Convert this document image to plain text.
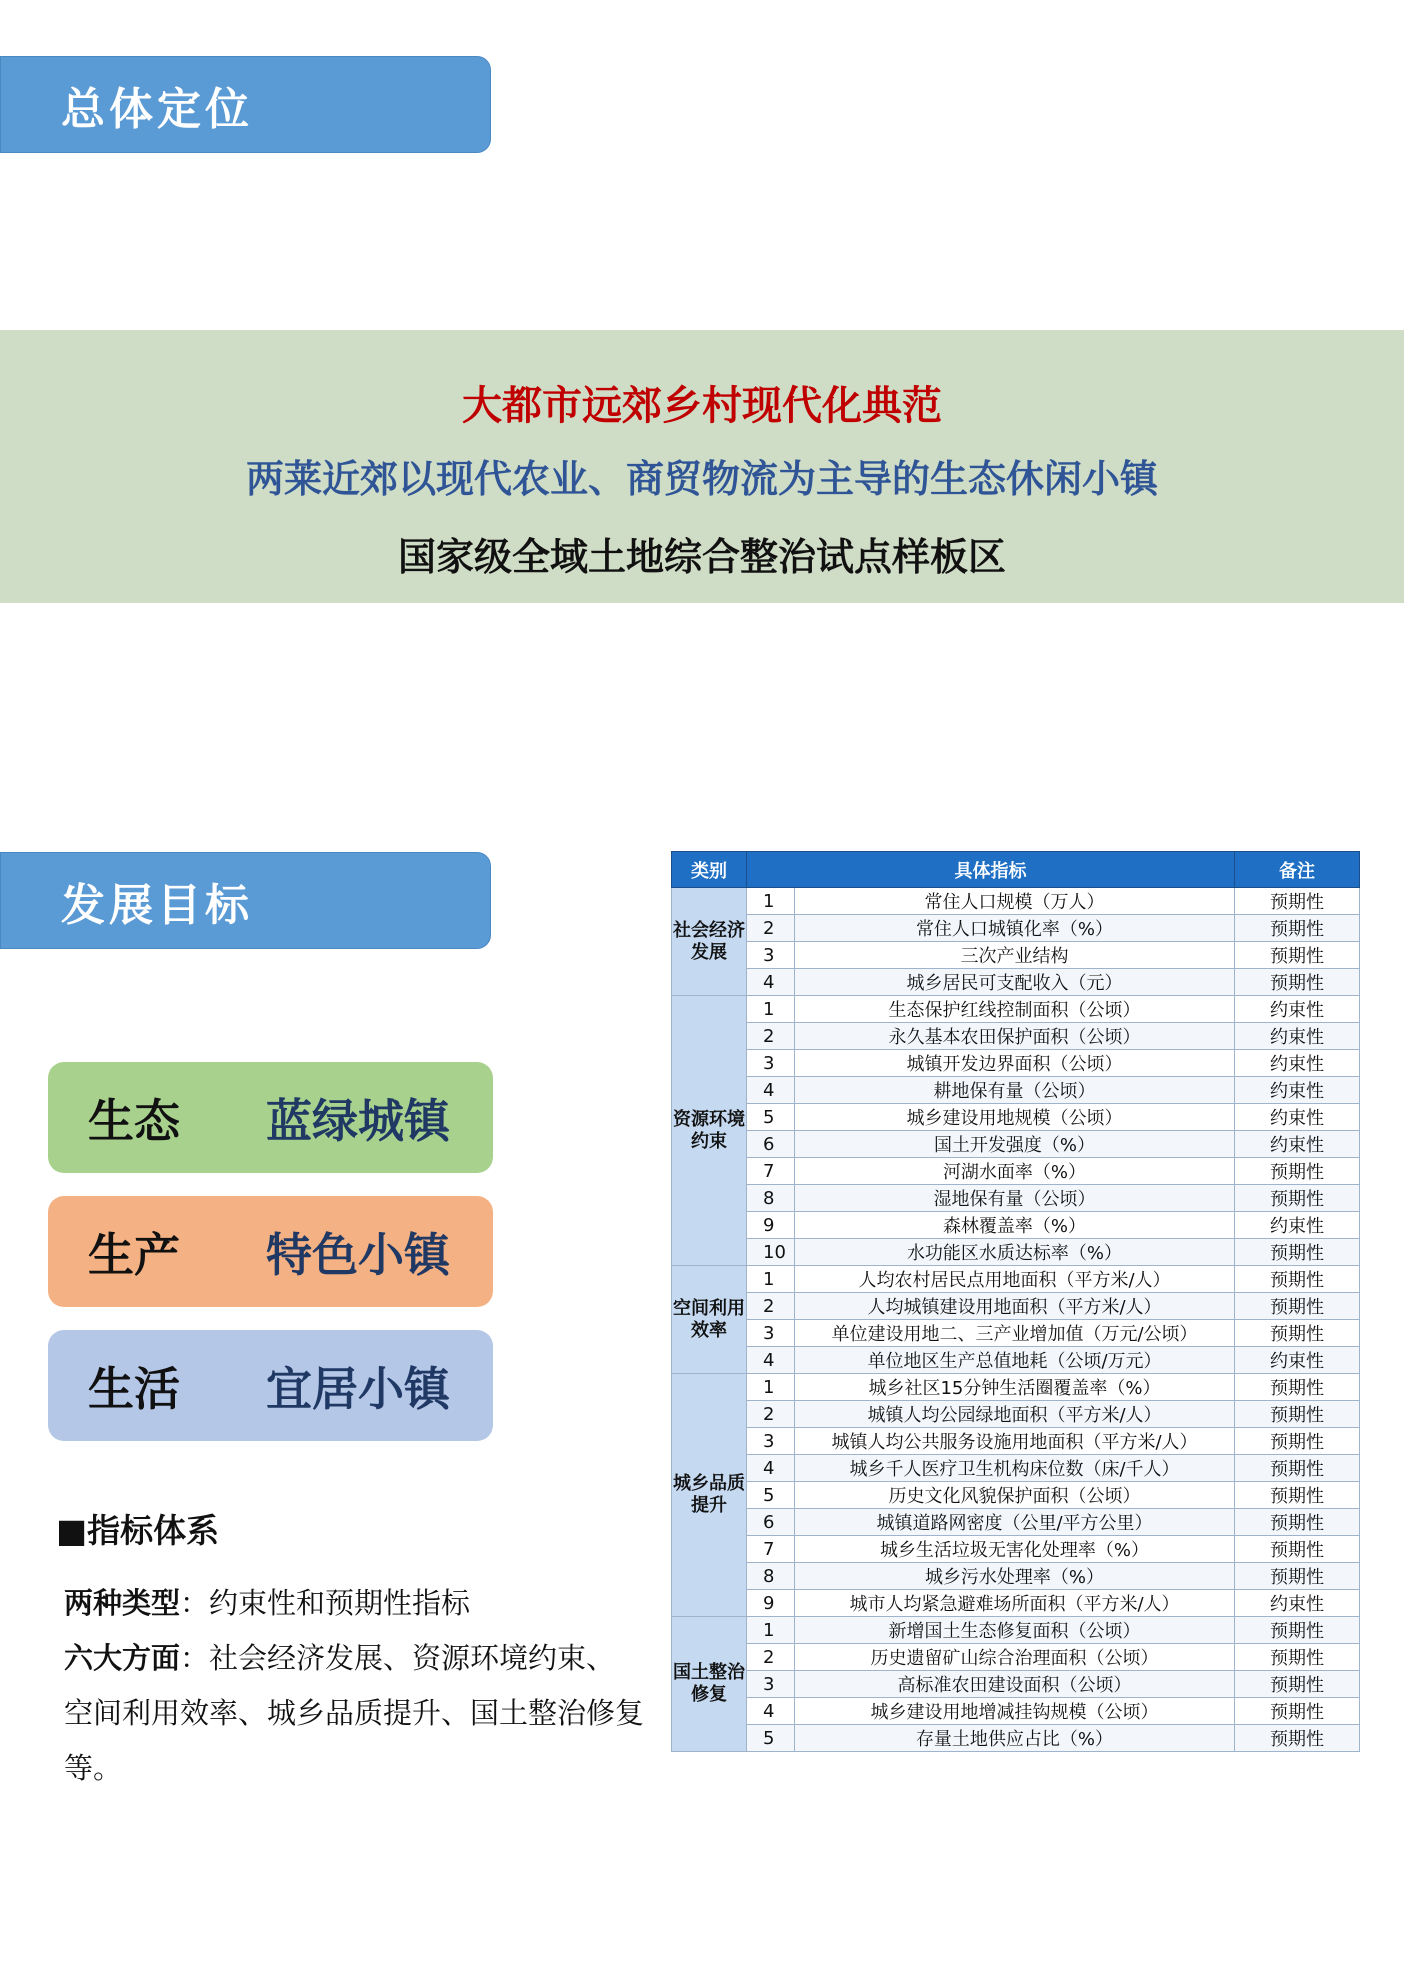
总体定位
大都市远郊乡村现代化典范
两莱近郊以现代农业、商贸物流为主导的生态休闲小镇
国家级全域土地综合整治试点样板区
发展目标
生态 蓝绿城镇
生产 特色小镇
生活 宜居小镇
■指标体系
两种类型：约束性和预期性指标
六大方面：社会经济发展、资源环境约束、空间利用效率、城乡品质提升、国土整治修复等。
类别	具体指标		备注
社会经济发展	1	常住人口规模（万人）	预期性
	2	常住人口城镇化率（%）	预期性
	3	三次产业结构	预期性
	4	城乡居民可支配收入（元）	预期性
资源环境约束	1	生态保护红线控制面积（公顷）	约束性
	2	永久基本农田保护面积（公顷）	约束性
	3	城镇开发边界面积（公顷）	约束性
	4	耕地保有量（公顷）	约束性
	5	城乡建设用地规模（公顷）	约束性
	6	国土开发强度（%）	约束性
	7	河湖水面率（%）	预期性
	8	湿地保有量（公顷）	预期性
	9	森林覆盖率（%）	约束性
	10	水功能区水质达标率（%）	预期性
空间利用效率	1	人均农村居民点用地面积（平方米/人）	预期性
	2	人均城镇建设用地面积（平方米/人）	预期性
	3	单位建设用地二、三产业增加值（万元/公顷）	预期性
	4	单位地区生产总值地耗（公顷/万元）	约束性
城乡品质提升	1	城乡社区15分钟生活圈覆盖率（%）	预期性
	2	城镇人均公园绿地面积（平方米/人）	预期性
	3	城镇人均公共服务设施用地面积（平方米/人）	预期性
	4	城乡千人医疗卫生机构床位数（床/千人）	预期性
	5	历史文化风貌保护面积（公顷）	预期性
	6	城镇道路网密度（公里/平方公里）	预期性
	7	城乡生活垃圾无害化处理率（%）	预期性
	8	城乡污水处理率（%）	预期性
	9	城市人均紧急避难场所面积（平方米/人）	约束性
国土整治修复	1	新增国土生态修复面积（公顷）	预期性
	2	历史遗留矿山综合治理面积（公顷）	预期性
	3	高标准农田建设面积（公顷）	预期性
	4	城乡建设用地增减挂钩规模（公顷）	预期性
	5	存量土地供应占比（%）	预期性
